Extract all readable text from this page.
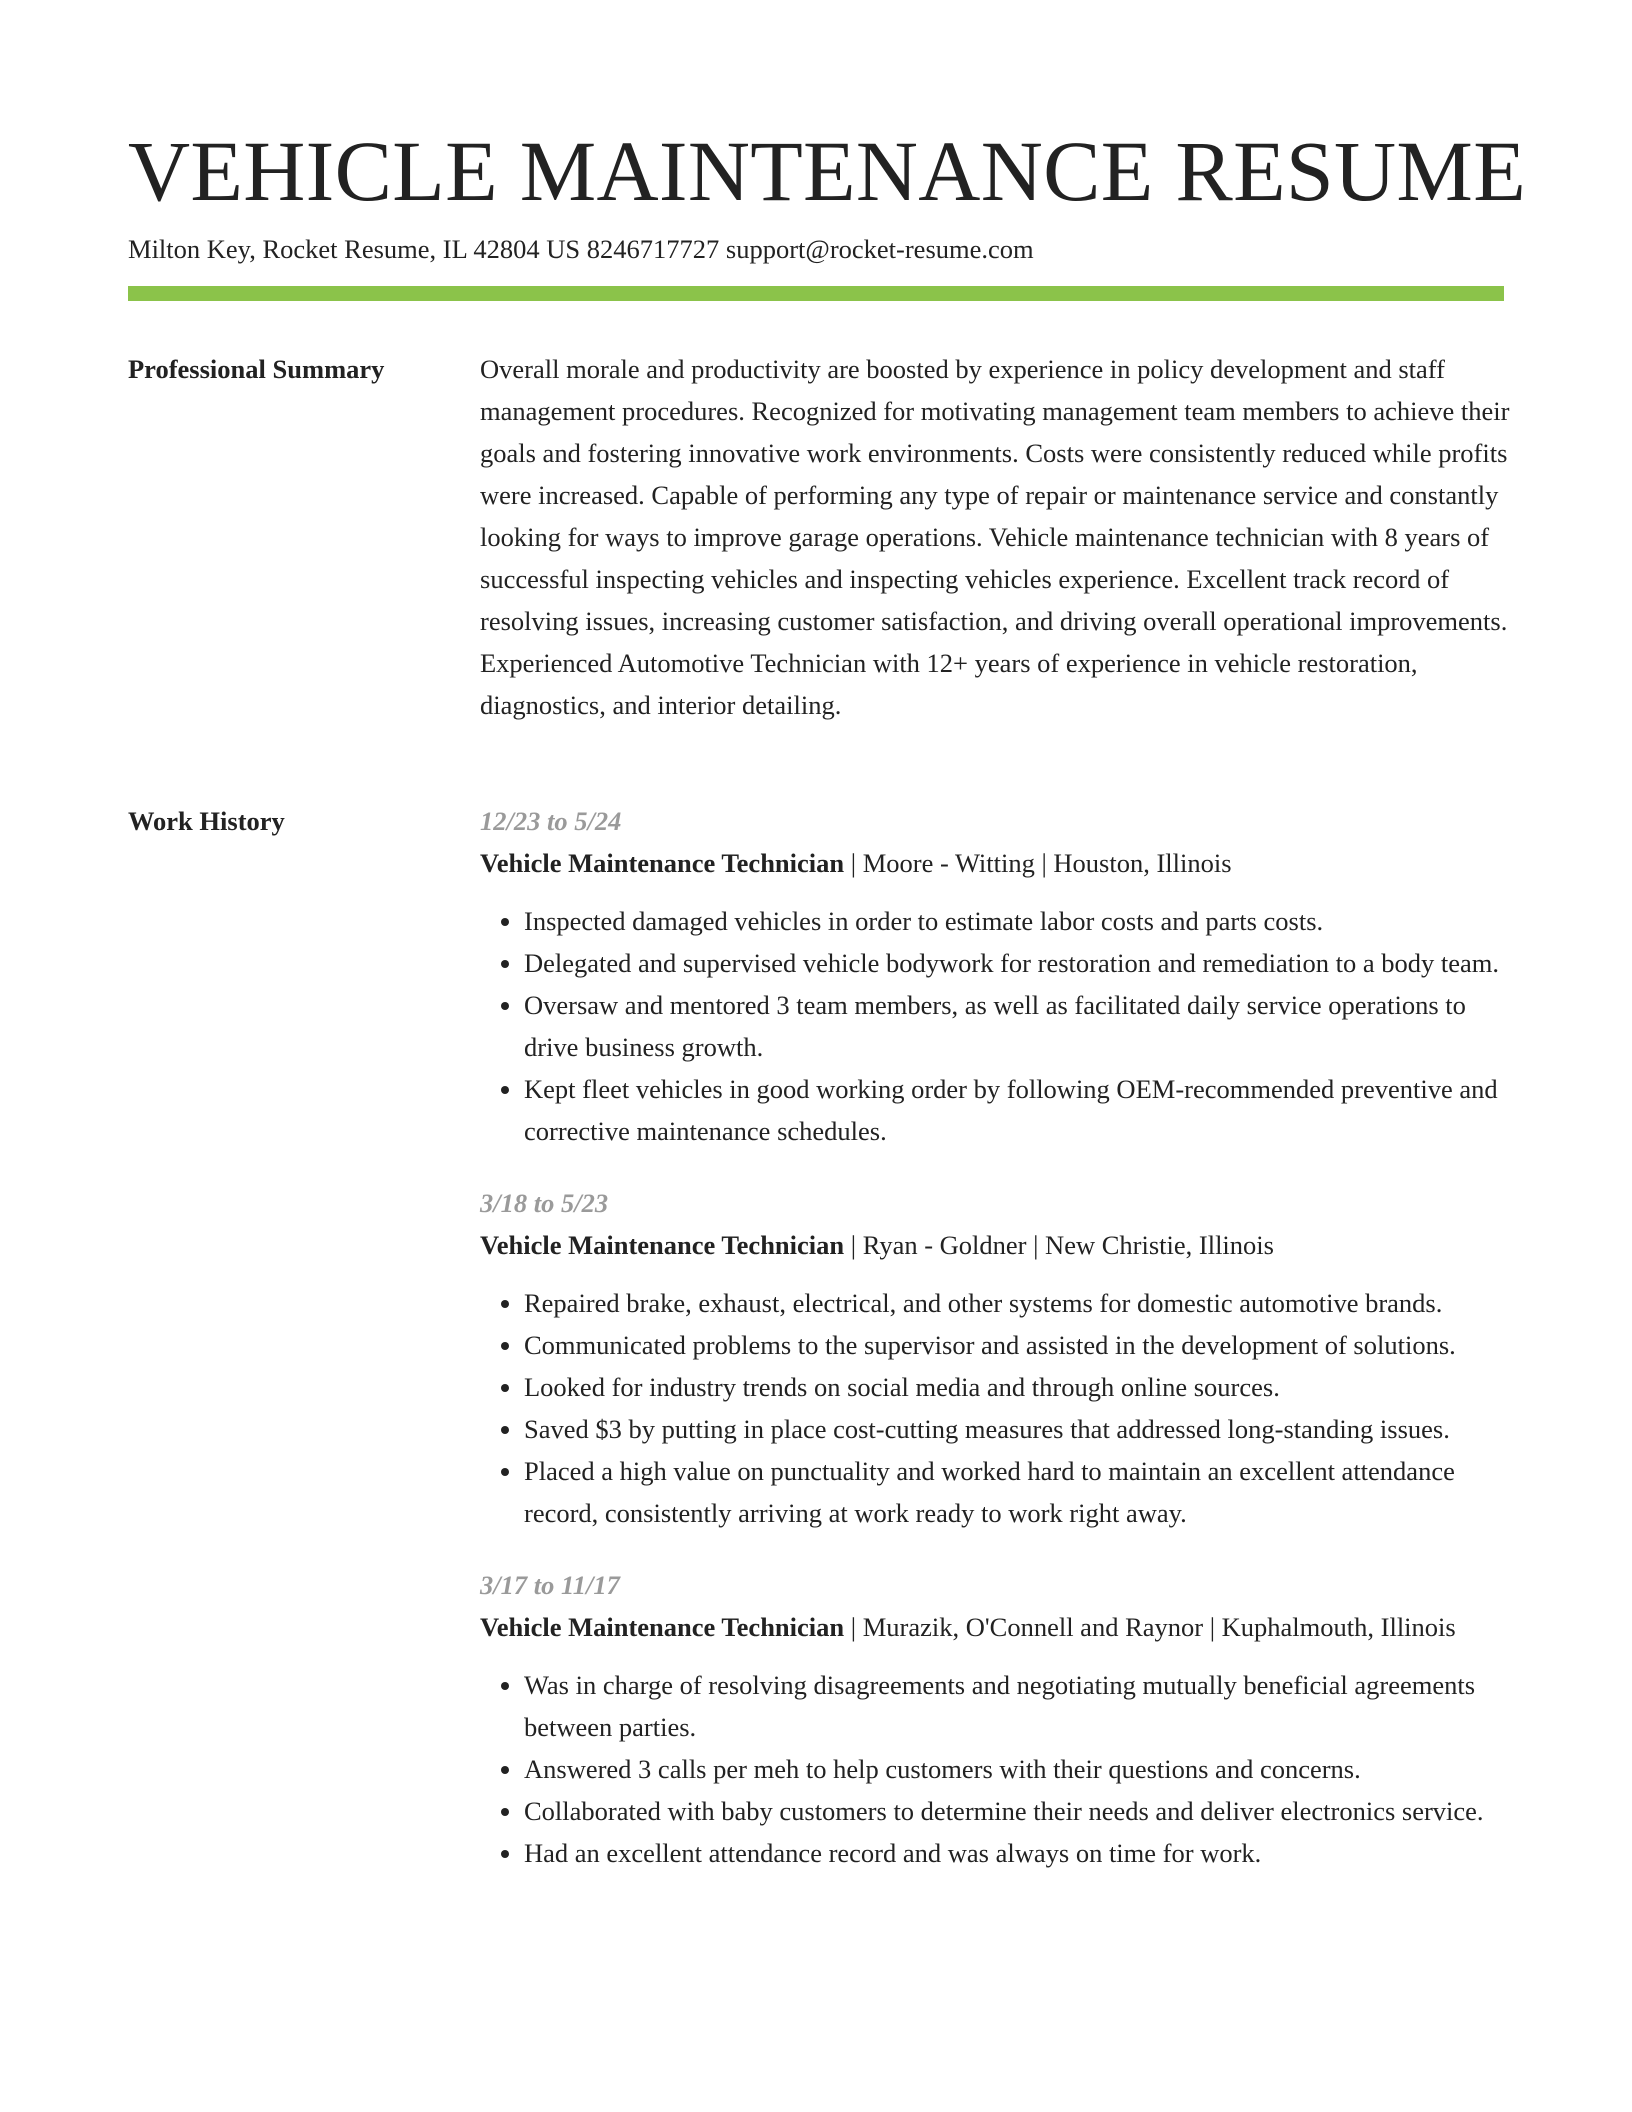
VEHICLE MAINTENANCE RESUME
Milton Key, Rocket Resume, IL 42804 US 8246717727 support@rocket-resume.com
Professional Summary	Overall morale and productivity are boosted by experience in policy development and staff management procedures. Recognized for motivating management team members to achieve their goals and fostering innovative work environments. Costs were consistently reduced while profits were increased. Capable of performing any type of repair or maintenance service and constantly looking for ways to improve garage operations. Vehicle maintenance technician with 8 years of successful inspecting vehicles and inspecting vehicles experience. Excellent track record of resolving issues, increasing customer satisfaction, and driving overall operational improvements. Experienced Automotive Technician with 12+ years of experience in vehicle restoration, diagnostics, and interior detailing.

Work History	12/23 to 5/24
Vehicle Maintenance Technician | Moore - Witting | Houston, Illinois
• Inspected damaged vehicles in order to estimate labor costs and parts costs.
• Delegated and supervised vehicle bodywork for restoration and remediation to a body team.
• Oversaw and mentored 3 team members, as well as facilitated daily service operations to drive business growth.
• Kept fleet vehicles in good working order by following OEM-recommended preventive and corrective maintenance schedules.
3/18 to 5/23
Vehicle Maintenance Technician | Ryan - Goldner | New Christie, Illinois
• Repaired brake, exhaust, electrical, and other systems for domestic automotive brands.
• Communicated problems to the supervisor and assisted in the development of solutions.
• Looked for industry trends on social media and through online sources.
• Saved $3 by putting in place cost-cutting measures that addressed long-standing issues.
• Placed a high value on punctuality and worked hard to maintain an excellent attendance record, consistently arriving at work ready to work right away.
3/17 to 11/17
Vehicle Maintenance Technician | Murazik, O'Connell and Raynor | Kuphalmouth, Illinois
• Was in charge of resolving disagreements and negotiating mutually beneficial agreements between parties.
• Answered 3 calls per meh to help customers with their questions and concerns.
• Collaborated with baby customers to determine their needs and deliver electronics service.
• Had an excellent attendance record and was always on time for work.
